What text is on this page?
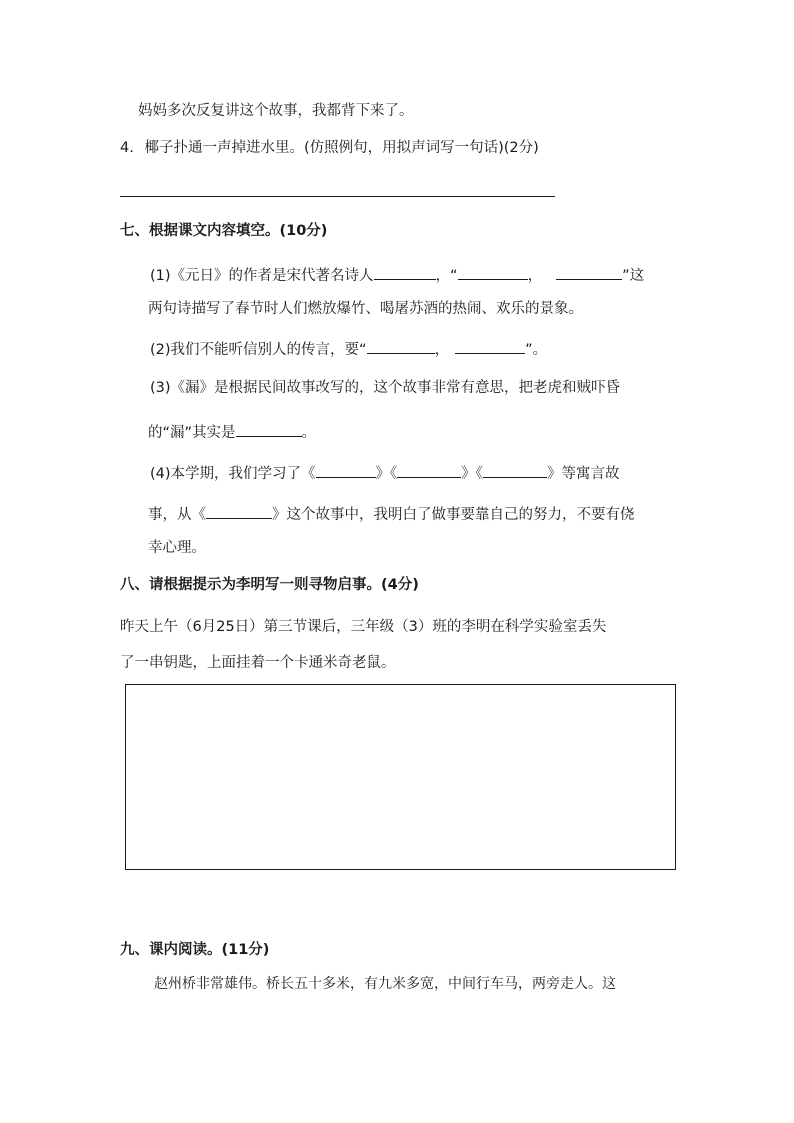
妈妈多次反复讲这个故事，我都背下来了。
4. 椰子扑通一声掉进水里。(仿照例句，用拟声词写一句话)(2分)
七、根据课文内容填空。(10分)
(1)《元日》的作者是宋代著名诗人	，“	，	”这
两句诗描写了春节时人们燃放爆竹、喝屠苏酒的热闹、欢乐的景象。
(2)我们不能听信别人的传言，要“	，	”。
(3)《漏》是根据民间故事改写的，这个故事非常有意思，把老虎和贼吓昏
的“漏”其实是	。
(4)本学期，我们学习了《	》《	》《	》等寓言故
事，从《	》这个故事中，我明白了做事要靠自己的努力，不要有侥
幸心理。
八、请根据提示为李明写一则寻物启事。(4分)
昨天上午（6月25日）第三节课后，三年级（3）班的李明在科学实验室丢失
了一串钥匙，上面挂着一个卡通米奇老鼠。
九、课内阅读。(11分)
赵州桥非常雄伟。桥长五十多米，有九米多宽，中间行车马，两旁走人。这
